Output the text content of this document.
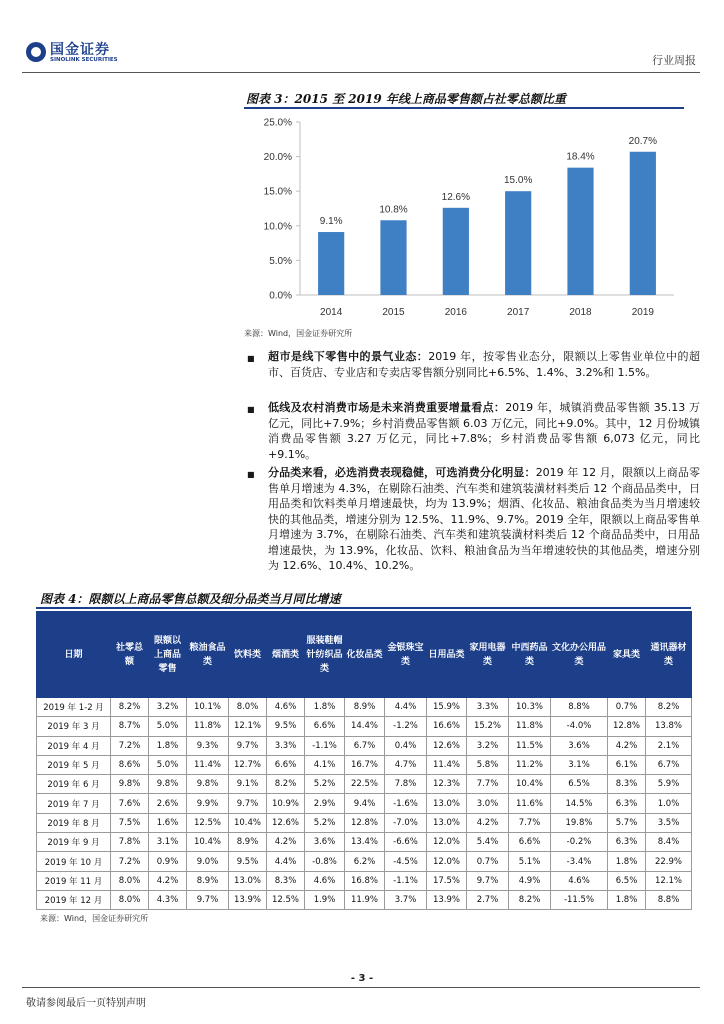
国金证券
SINOLINK SECURITIES	行业周报
图表 3：2015 至 2019 年线上商品零售额占社零总额比重
0.0%
5.0%
10.0%
15.0%
20.0%
25.0%
9.1%
10.8%
12.6%
15.0%
18.4%
20.7%
2014	2015	2016	2017	2018	2019
来源：Wind，国金证券研究所
■ 超市是线下零售中的景气业态：2019 年，按零售业态分，限额以上零售业单位中的超市、百货店、专业店和专卖店零售额分别同比+6.5%、1.4%、3.2%和 1.5%。
■ 低线及农村消费市场是未来消费重要增量看点：2019 年，城镇消费品零售额 35.13 万亿元，同比+7.9%；乡村消费品零售额 6.03 万亿元，同比+9.0%。其中，12 月份城镇消费品零售额 3.27 万亿元，同比+7.8%；乡村消费品零售额 6,073 亿元，同比+9.1%。
■ 分品类来看，必选消费表现稳健，可选消费分化明显：2019 年 12 月，限额以上商品零售单月增速为 4.3%，在剔除石油类、汽车类和建筑装潢材料类后 12 个商品品类中，日用品类和饮料类单月增速最快，均为 13.9%；烟酒、化妆品、粮油食品类为当月增速较快的其他品类，增速分别为 12.5%、11.9%、9.7%。2019 全年，限额以上商品零售单月增速为 3.7%，在剔除石油类、汽车类和建筑装潢材料类后 12 个商品品类中，日用品增速最快，为 13.9%，化妆品、饮料、粮油食品为当年增速较快的其他品类，增速分别为 12.6%、10.4%、10.2%。
图表 4：限额以上商品零售总额及细分品类当月同比增速
日期	社零总额	限额以上商品零售	粮油食品类	饮料类	烟酒类	服装鞋帽针纺织品类	化妆品类	金银珠宝类	日用品类	家用电器类	中西药品类	文化办公用品类	家具类	通讯器材类
2019 年 1-2 月	8.2%	3.2%	10.1%	8.0%	4.6%	1.8%	8.9%	4.4%	15.9%	3.3%	10.3%	8.8%	0.7%	8.2%
2019 年 3 月	8.7%	5.0%	11.8%	12.1%	9.5%	6.6%	14.4%	-1.2%	16.6%	15.2%	11.8%	-4.0%	12.8%	13.8%
2019 年 4 月	7.2%	1.8%	9.3%	9.7%	3.3%	-1.1%	6.7%	0.4%	12.6%	3.2%	11.5%	3.6%	4.2%	2.1%
2019 年 5 月	8.6%	5.0%	11.4%	12.7%	6.6%	4.1%	16.7%	4.7%	11.4%	5.8%	11.2%	3.1%	6.1%	6.7%
2019 年 6 月	9.8%	9.8%	9.8%	9.1%	8.2%	5.2%	22.5%	7.8%	12.3%	7.7%	10.4%	6.5%	8.3%	5.9%
2019 年 7 月	7.6%	2.6%	9.9%	9.7%	10.9%	2.9%	9.4%	-1.6%	13.0%	3.0%	11.6%	14.5%	6.3%	1.0%
2019 年 8 月	7.5%	1.6%	12.5%	10.4%	12.6%	5.2%	12.8%	-7.0%	13.0%	4.2%	7.7%	19.8%	5.7%	3.5%
2019 年 9 月	7.8%	3.1%	10.4%	8.9%	4.2%	3.6%	13.4%	-6.6%	12.0%	5.4%	6.6%	-0.2%	6.3%	8.4%
2019 年 10 月	7.2%	0.9%	9.0%	9.5%	4.4%	-0.8%	6.2%	-4.5%	12.0%	0.7%	5.1%	-3.4%	1.8%	22.9%
2019 年 11 月	8.0%	4.2%	8.9%	13.0%	8.3%	4.6%	16.8%	-1.1%	17.5%	9.7%	4.9%	4.6%	6.5%	12.1%
2019 年 12 月	8.0%	4.3%	9.7%	13.9%	12.5%	1.9%	11.9%	3.7%	13.9%	2.7%	8.2%	-11.5%	1.8%	8.8%
来源：Wind，国金证券研究所
- 3 -
敬请参阅最后一页特别声明
